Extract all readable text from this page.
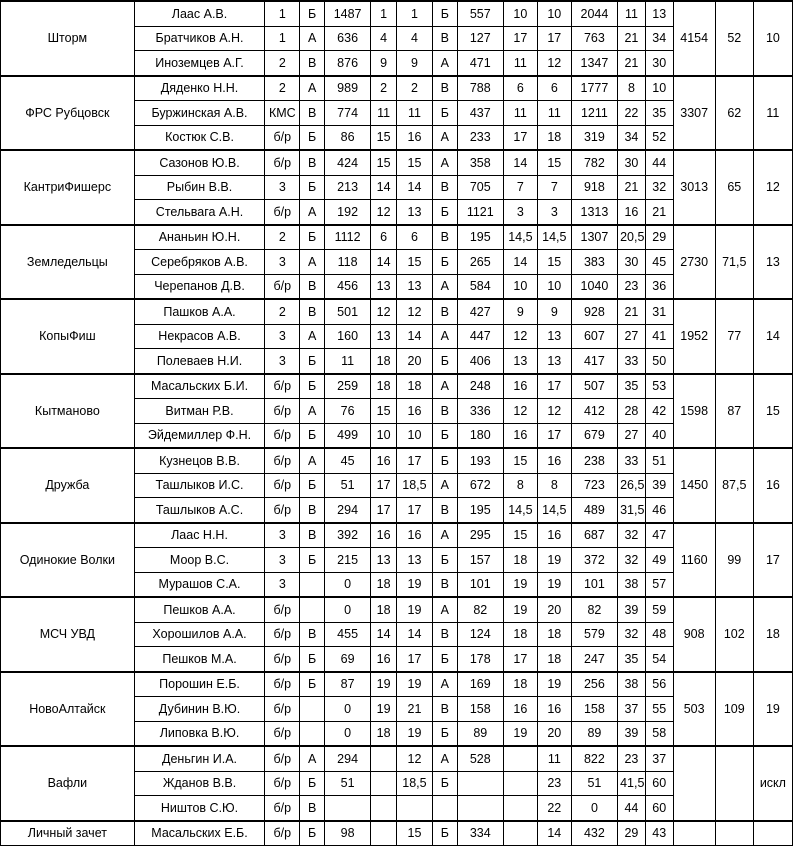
Шторм	Лаас А.В.	1	Б	1487	1	1	Б	557	10	10	2044	11	13	4154	52	10
	Братчиков А.Н.	1	А	636	4	4	В	127	17	17	763	21	34			
	Иноземцев А.Г.	2	В	876	9	9	А	471	11	12	1347	21	30			
ФРС Рубцовск	Дяденко Н.Н.	2	А	989	2	2	В	788	6	6	1777	8	10	3307	62	11
	Буржинская А.В.	КМС	В	774	11	11	Б	437	11	11	1211	22	35			
	Костюк С.В.	б/р	Б	86	15	16	А	233	17	18	319	34	52			
КантриФишерс	Сазонов Ю.В.	б/р	В	424	15	15	А	358	14	15	782	30	44	3013	65	12
	Рыбин В.В.	3	Б	213	14	14	В	705	7	7	918	21	32			
	Стельвага А.Н.	б/р	А	192	12	13	Б	1121	3	3	1313	16	21			
Земледельцы	Ананьин Ю.Н.	2	Б	1112	6	6	В	195	14,5	14,5	1307	20,5	29	2730	71,5	13
	Серебряков А.В.	3	А	118	14	15	Б	265	14	15	383	30	45			
	Черепанов Д.В.	б/р	В	456	13	13	А	584	10	10	1040	23	36			
КопыФиш	Пашков А.А.	2	В	501	12	12	В	427	9	9	928	21	31	1952	77	14
	Некрасов А.В.	3	А	160	13	14	А	447	12	13	607	27	41			
	Полеваев Н.И.	3	Б	11	18	20	Б	406	13	13	417	33	50			
Кытманово	Масальских Б.И.	б/р	Б	259	18	18	А	248	16	17	507	35	53	1598	87	15
	Витман Р.В.	б/р	А	76	15	16	В	336	12	12	412	28	42			
	Эйдемиллер Ф.Н.	б/р	Б	499	10	10	Б	180	16	17	679	27	40			
Дружба	Кузнецов В.В.	б/р	А	45	16	17	Б	193	15	16	238	33	51	1450	87,5	16
	Ташлыков И.С.	б/р	Б	51	17	18,5	А	672	8	8	723	26,5	39			
	Ташлыков А.С.	б/р	В	294	17	17	В	195	14,5	14,5	489	31,5	46			
Одинокие Волки	Лаас Н.Н.	3	В	392	16	16	А	295	15	16	687	32	47	1160	99	17
	Моор В.С.	3	Б	215	13	13	Б	157	18	19	372	32	49			
	Мурашов С.А.	3		0	18	19	В	101	19	19	101	38	57			
МСЧ УВД	Пешков А.А.	б/р		0	18	19	А	82	19	20	82	39	59	908	102	18
	Хорошилов А.А.	б/р	В	455	14	14	В	124	18	18	579	32	48			
	Пешков М.А.	б/р	Б	69	16	17	Б	178	17	18	247	35	54			
НовоАлтайск	Порошин Е.Б.	б/р	Б	87	19	19	А	169	18	19	256	38	56	503	109	19
	Дубинин В.Ю.	б/р		0	19	21	В	158	16	16	158	37	55			
	Липовка В.Ю.	б/р		0	18	19	Б	89	19	20	89	39	58			
Вафли	Деньгин И.А.	б/р	А	294		12	А	528		11	822	23	37			искл
	Жданов В.В.	б/р	Б	51		18,5	Б			23	51	41,5	60			
	Ништов С.Ю.	б/р	В							22	0	44	60			
Личный зачет	Масальских Е.Б.	б/р	Б	98		15	Б	334		14	432	29	43			
